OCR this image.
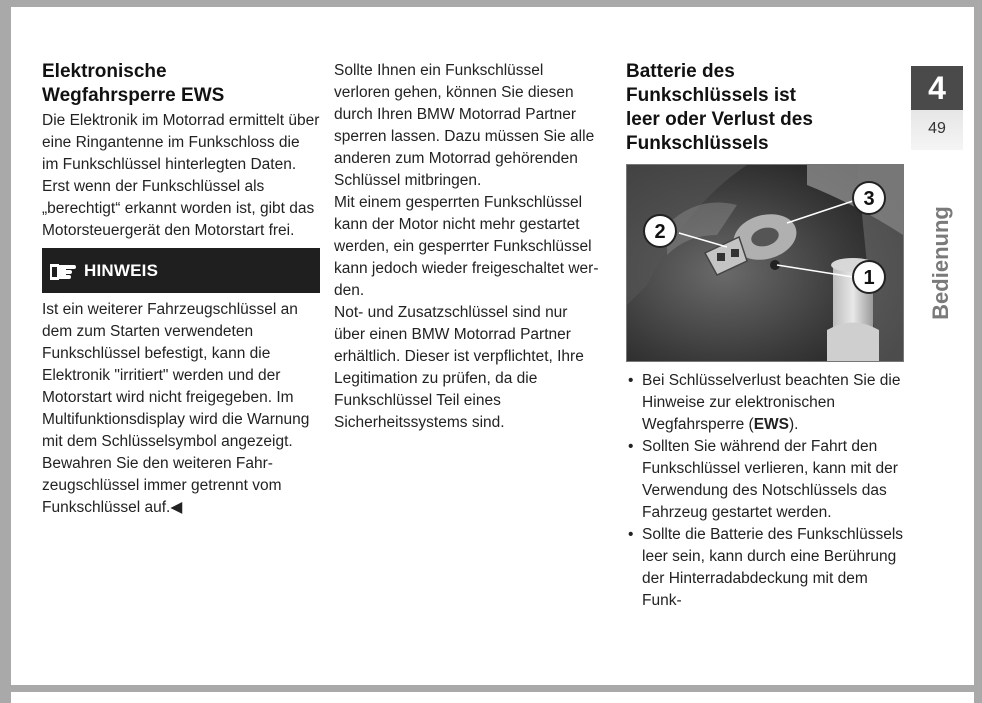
Elektronische
Wegfahrsperre EWS

Die Elektronik im Motorrad ermittelt über eine Ringantenne im Funkschloss die im Funkschlüssel hinterlegten Daten. Erst wenn der Funkschlüssel als „berechtigt“ erkannt worden ist, gibt das Motorsteuergerät den Motorstart frei.

HINWEIS

Ist ein weiterer Fahrzeugschlüssel an dem zum Starten verwendeten Funkschlüssel befestigt, kann die Elektronik "irritiert" werden und der Motorstart wird nicht freigegeben. Im Multifunktionsdisplay wird die Warnung mit dem Schlüsselsymbol angezeigt.

Bewahren Sie den weiteren Fahrzeugschlüssel immer getrennt vom Funkschlüssel auf.◀

Sollte Ihnen ein Funkschlüssel verloren gehen, können Sie diesen durch Ihren BMW Motorrad Partner sperren lassen. Dazu müssen Sie alle anderen zum Motorrad gehörenden Schlüssel mitbringen.

Mit einem gesperrten Funkschlüssel kann der Motor nicht mehr gestartet werden, ein gesperrter Funkschlüssel kann jedoch wieder freigeschaltet werden.

Not- und Zusatzschlüssel sind nur über einen BMW Motorrad Partner erhältlich. Dieser ist verpflichtet, Ihre Legitimation zu prüfen, da die Funkschlüssel Teil eines Sicherheitssystems sind.

Batterie des
Funkschlüssels ist
leer oder Verlust des
Funkschlüssels
2
3
1
• Bei Schlüsselverlust beachten Sie die Hinweise zur elektronischen Wegfahrsperre (EWS).
• Sollten Sie während der Fahrt den Funkschlüssel verlieren, kann mit der Verwendung des Notschlüssels das Fahrzeug gestartet werden.
• Sollte die Batterie des Funkschlüssels leer sein, kann durch eine Berührung der Hinterradabdeckung mit dem Funk-
4
49
Bedienung
